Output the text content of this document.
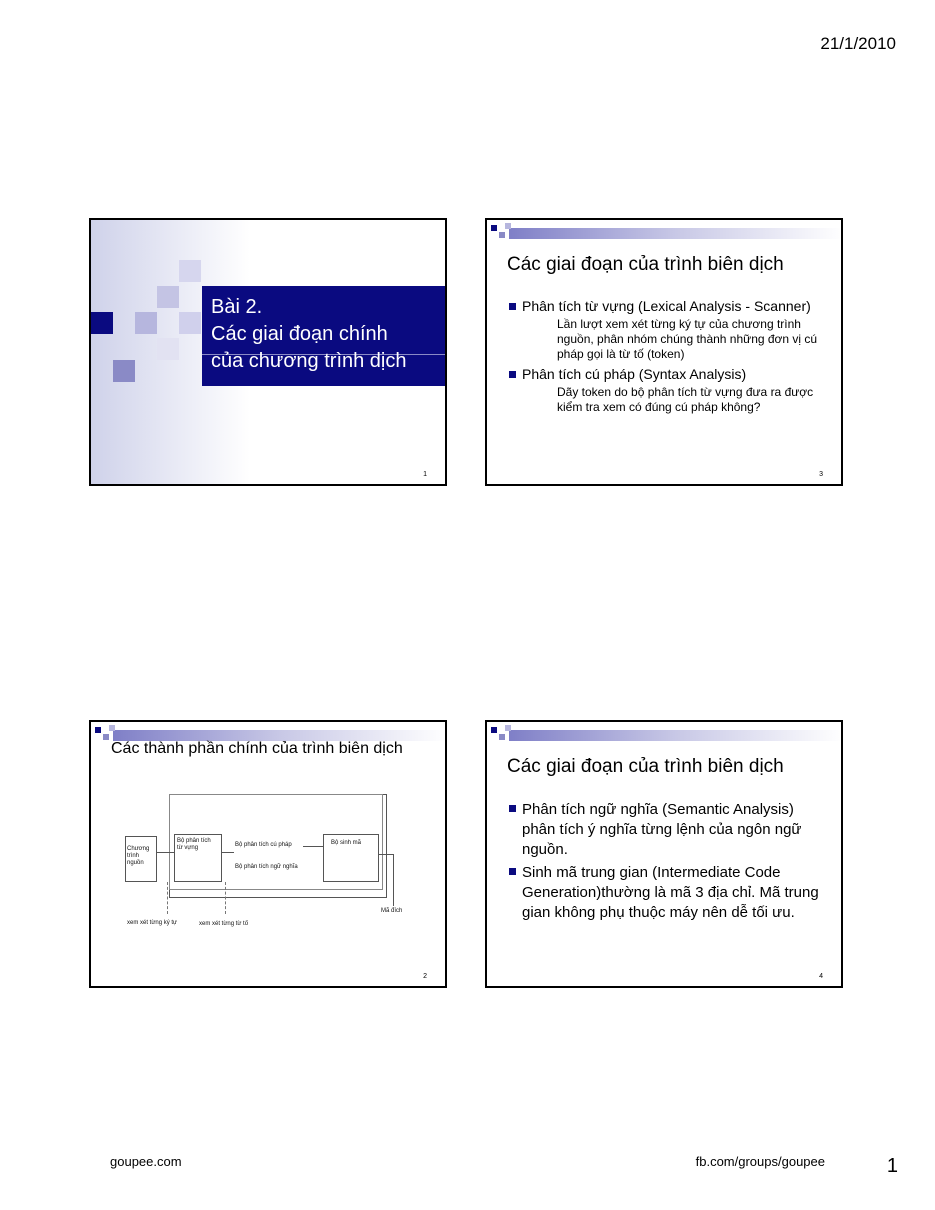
21/1/2010
Bài 2.
Các giai đoạn chính
của chương trình dịch
1
Các giai đoạn của trình biên dịch
Phân tích từ vựng (Lexical Analysis - Scanner)
Lần lượt xem xét từng ký tự của chương trình nguồn, phân nhóm chúng thành những đơn vị cú pháp gọi là từ tố (token)
Phân tích cú pháp (Syntax Analysis)
Dãy token do bộ phân tích từ vựng đưa ra được kiểm tra xem có đúng cú pháp không?
3
Các thành phần chính của trình biên dịch
Chương trình nguồn
Bộ phân tích từ vựng	Bộ phân tích cú pháp
Bộ phân tích ngữ nghĩa
Bộ sinh mã
Mã đích
xem xét từng ký tự	xem xét từng từ tố
2
Các giai đoạn của trình biên dịch
Phân tích ngữ nghĩa (Semantic Analysis) phân tích ý nghĩa từng lệnh của ngôn ngữ nguồn.
Sinh mã trung gian (Intermediate Code Generation)thường là mã 3 địa chỉ. Mã trung gian không phụ thuộc máy nên dễ tối ưu.
4
goupee.com	fb.com/groups/goupee	1
